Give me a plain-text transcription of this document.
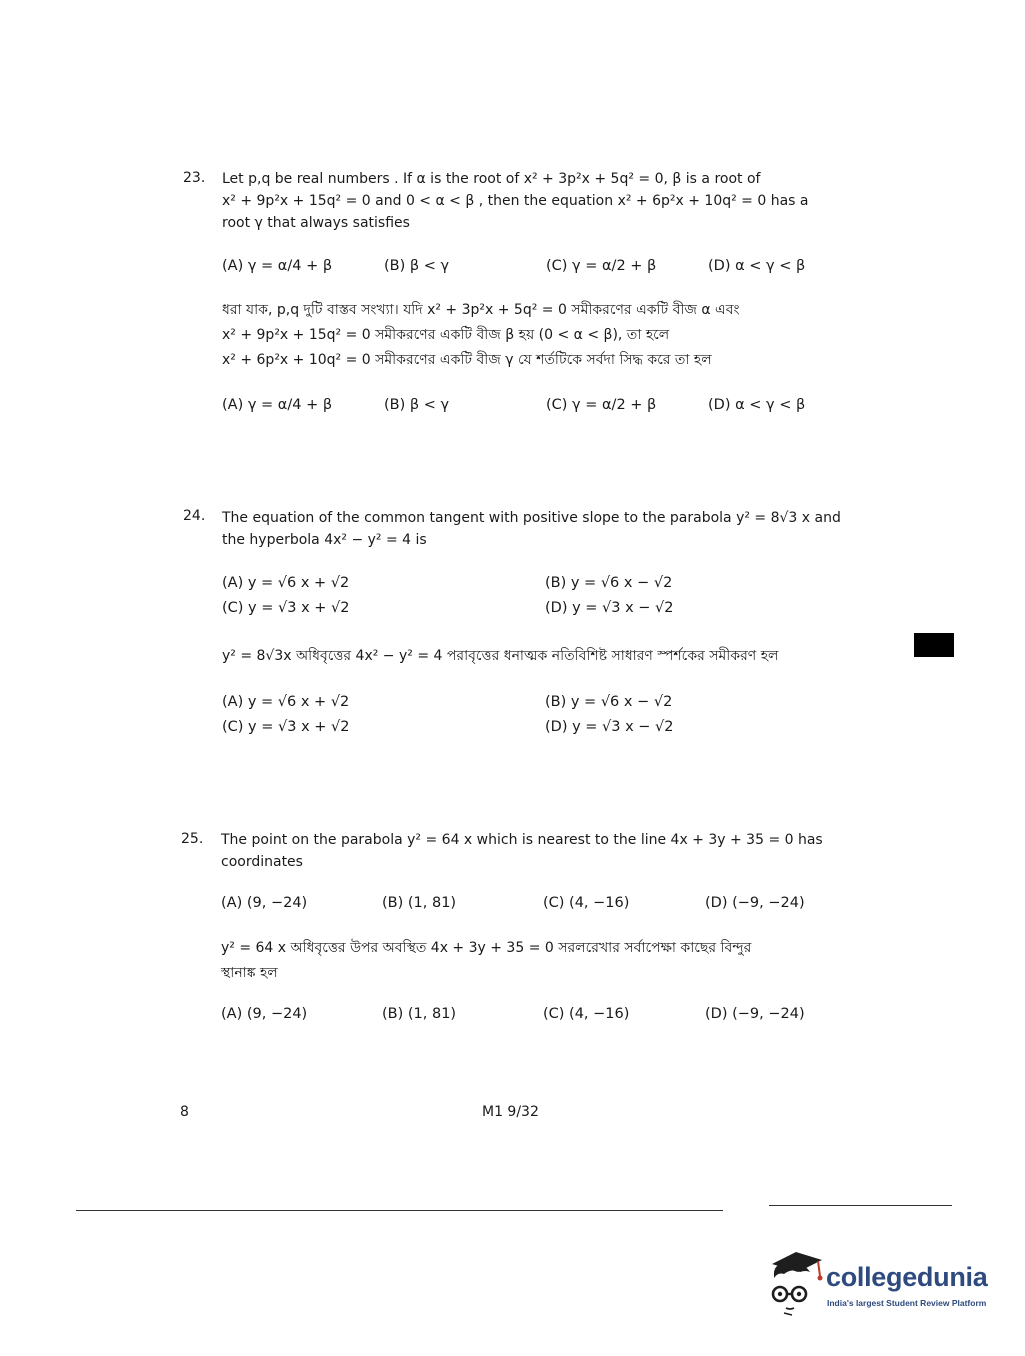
23. Let p,q be real numbers . If α is the root of x² + 3p²x + 5q² = 0, β is a root of
x² + 9p²x + 15q² = 0 and 0 < α < β , then the equation x² + 6p²x + 10q² = 0 has a
root γ that always satisfies
(A) γ = α/4 + β	(B) β < γ	(C) γ = α/2 + β	(D) α < γ < β
ধরা যাক, p,q দুটি বাস্তব সংখ্যা। যদি x² + 3p²x + 5q² = 0 সমীকরণের একটি বীজ α এবং
x² + 9p²x + 15q² = 0 সমীকরণের একটি বীজ β হয় (0 < α < β), তা হলে
x² + 6p²x + 10q² = 0 সমীকরণের একটি বীজ γ যে শর্তটিকে সর্বদা সিদ্ধ করে তা হল
(A) γ = α/4 + β	(B) β < γ	(C) γ = α/2 + β	(D) α < γ < β
24. The equation of the common tangent with positive slope to the parabola y² = 8√3 x and
the hyperbola 4x² − y² = 4 is
(A) y = √6 x + √2	(B) y = √6 x − √2
(C) y = √3 x + √2	(D) y = √3 x − √2
y² = 8√3x অধিবৃত্তের 4x² − y² = 4 পরাবৃত্তের ধনাত্মক নতিবিশিষ্ট সাধারণ স্পর্শকের সমীকরণ হল
(A) y = √6 x + √2	(B) y = √6 x − √2
(C) y = √3 x + √2	(D) y = √3 x − √2
25. The point on the parabola y² = 64 x which is nearest to the line 4x + 3y + 35 = 0 has
coordinates
(A) (9, −24)	(B) (1, 81)	(C) (4, −16)	(D) (−9, −24)
y² = 64 x অধিবৃত্তের উপর অবস্থিত 4x + 3y + 35 = 0 সরলরেখার সর্বাপেক্ষা কাছের বিন্দুর
স্থানাঙ্ক হল
(A) (9, −24)	(B) (1, 81)	(C) (4, −16)	(D) (−9, −24)
8	M1 9/32
collegedunia
India's largest Student Review Platform
